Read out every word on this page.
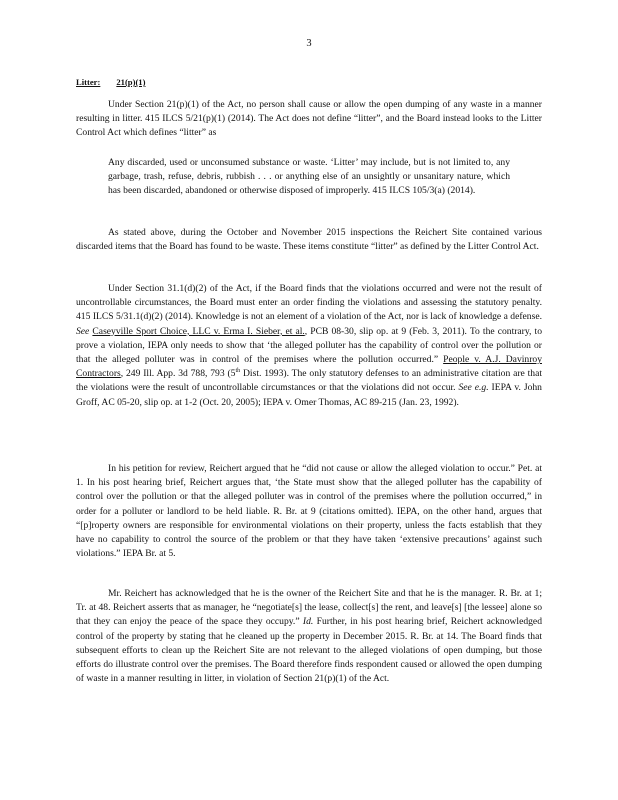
3
Litter: 21(p)(1)
Under Section 21(p)(1) of the Act, no person shall cause or allow the open dumping of any waste in a manner resulting in litter. 415 ILCS 5/21(p)(1) (2014). The Act does not define “litter”, and the Board instead looks to the Litter Control Act which defines “litter” as
Any discarded, used or unconsumed substance or waste. ‘Litter’ may include, but is not limited to, any garbage, trash, refuse, debris, rubbish . . . or anything else of an unsightly or unsanitary nature, which has been discarded, abandoned or otherwise disposed of improperly. 415 ILCS 105/3(a) (2014).
As stated above, during the October and November 2015 inspections the Reichert Site contained various discarded items that the Board has found to be waste. These items constitute “litter” as defined by the Litter Control Act.
Under Section 31.1(d)(2) of the Act, if the Board finds that the violations occurred and were not the result of uncontrollable circumstances, the Board must enter an order finding the violations and assessing the statutory penalty. 415 ILCS 5/31.1(d)(2) (2014). Knowledge is not an element of a violation of the Act, nor is lack of knowledge a defense. See Caseyville Sport Choice, LLC v. Erma I. Sieber, et al., PCB 08-30, slip op. at 9 (Feb. 3, 2011). To the contrary, to prove a violation, IEPA only needs to show that ‘the alleged polluter has the capability of control over the pollution or that the alleged polluter was in control of the premises where the pollution occurred.” People v. A.J. Davinroy Contractors, 249 Ill. App. 3d 788, 793 (5th Dist. 1993). The only statutory defenses to an administrative citation are that the violations were the result of uncontrollable circumstances or that the violations did not occur. See e.g. IEPA v. John Groff, AC 05-20, slip op. at 1-2 (Oct. 20, 2005); IEPA v. Omer Thomas, AC 89-215 (Jan. 23, 1992).
In his petition for review, Reichert argued that he “did not cause or allow the alleged violation to occur.” Pet. at 1. In his post hearing brief, Reichert argues that, ‘the State must show that the alleged polluter has the capability of control over the pollution or that the alleged polluter was in control of the premises where the pollution occurred,” in order for a polluter or landlord to be held liable. R. Br. at 9 (citations omitted). IEPA, on the other hand, argues that “[p]roperty owners are responsible for environmental violations on their property, unless the facts establish that they have no capability to control the source of the problem or that they have taken ‘extensive precautions’ against such violations.” IEPA Br. at 5.
Mr. Reichert has acknowledged that he is the owner of the Reichert Site and that he is the manager. R. Br. at 1; Tr. at 48. Reichert asserts that as manager, he “negotiate[s] the lease, collect[s] the rent, and leave[s] [the lessee] alone so that they can enjoy the peace of the space they occupy.” Id. Further, in his post hearing brief, Reichert acknowledged control of the property by stating that he cleaned up the property in December 2015. R. Br. at 14. The Board finds that subsequent efforts to clean up the Reichert Site are not relevant to the alleged violations of open dumping, but those efforts do illustrate control over the premises. The Board therefore finds respondent caused or allowed the open dumping of waste in a manner resulting in litter, in violation of Section 21(p)(1) of the Act.
